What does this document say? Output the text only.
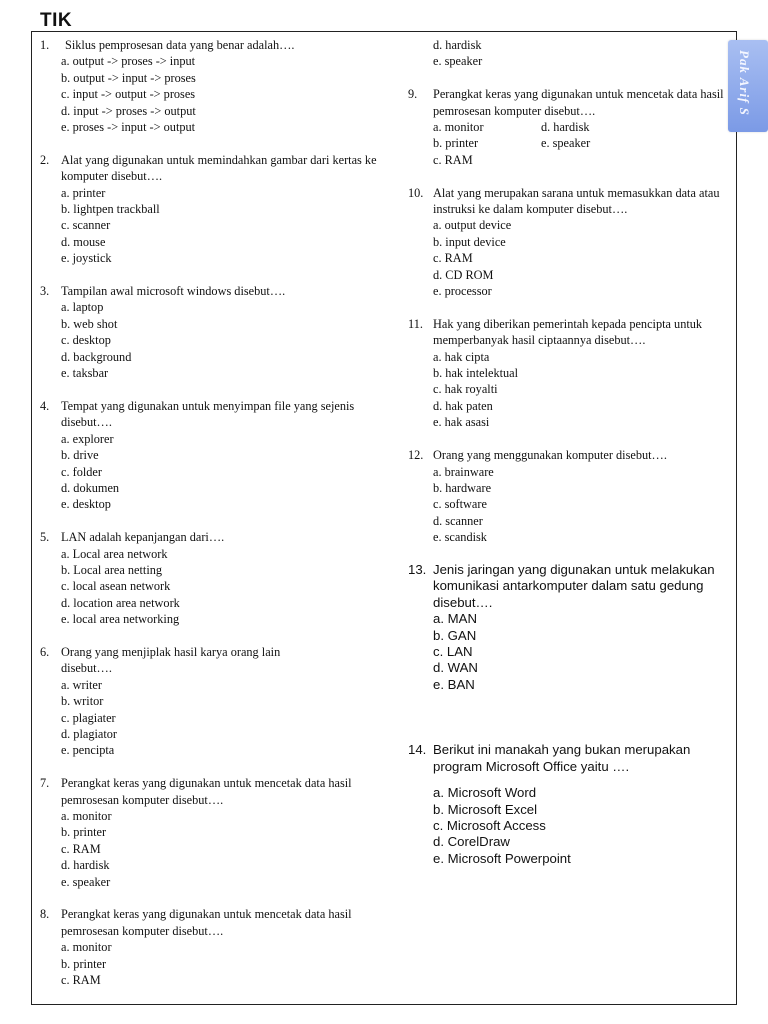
TIK
1.	Siklus pemprosesan data yang benar adalah….
a. output -> proses -> input
b. output -> input -> proses
c. input -> output -> proses
d. input -> proses -> output
e. proses -> input -> output
2. Alat yang digunakan untuk memindahkan gambar dari kertas ke komputer disebut….
a. printer
b. lightpen trackball
c. scanner
d. mouse
e. joystick
3. Tampilan awal microsoft windows disebut….
a. laptop
b. web shot
c. desktop
d. background
e. taksbar
4. Tempat yang digunakan untuk menyimpan file yang sejenis disebut….
a. explorer
b. drive
c. folder
d. dokumen
e. desktop
5. LAN adalah kepanjangan dari….
a. Local area network
b. Local area netting
c. local asean network
d. location area network
e. local area networking
6. Orang yang menjiplak hasil karya orang lain disebut….
a. writer
b. writor
c. plagiater
d. plagiator
e. pencipta
7. Perangkat keras yang digunakan untuk mencetak data hasil pemrosesan komputer disebut….
a. monitor
b. printer
c. RAM
d. hardisk
e. speaker
8. Perangkat keras yang digunakan untuk mencetak data hasil pemrosesan komputer disebut….
a. monitor
b. printer
c. RAM
d. hardisk
e. speaker
9.	Perangkat keras yang digunakan untuk mencetak data hasil pemrosesan komputer disebut….
a. monitor	d. hardisk
b. printer	e. speaker
c. RAM
10. Alat yang merupakan sarana untuk memasukkan data atau instruksi ke dalam komputer disebut….
a. output device
b. input device
c. RAM
d. CD ROM
e. processor
11. Hak yang diberikan pemerintah kepada pencipta untuk memperbanyak hasil ciptaannya disebut….
a. hak cipta
b. hak intelektual
c. hak royalti
d. hak paten
e. hak asasi
12. Orang yang menggunakan komputer disebut….
a. brainware
b. hardware
c. software
d. scanner
e. scandisk
13. Jenis jaringan yang digunakan untuk melakukan komunikasi antarkomputer dalam satu gedung disebut….
a. MAN
b. GAN
c. LAN
d. WAN
e. BAN
14. Berikut ini manakah yang bukan merupakan program Microsoft Office yaitu ….
a. Microsoft Word
b. Microsoft Excel
c. Microsoft Access
d. CorelDraw
e. Microsoft Powerpoint
Pak Arif S
